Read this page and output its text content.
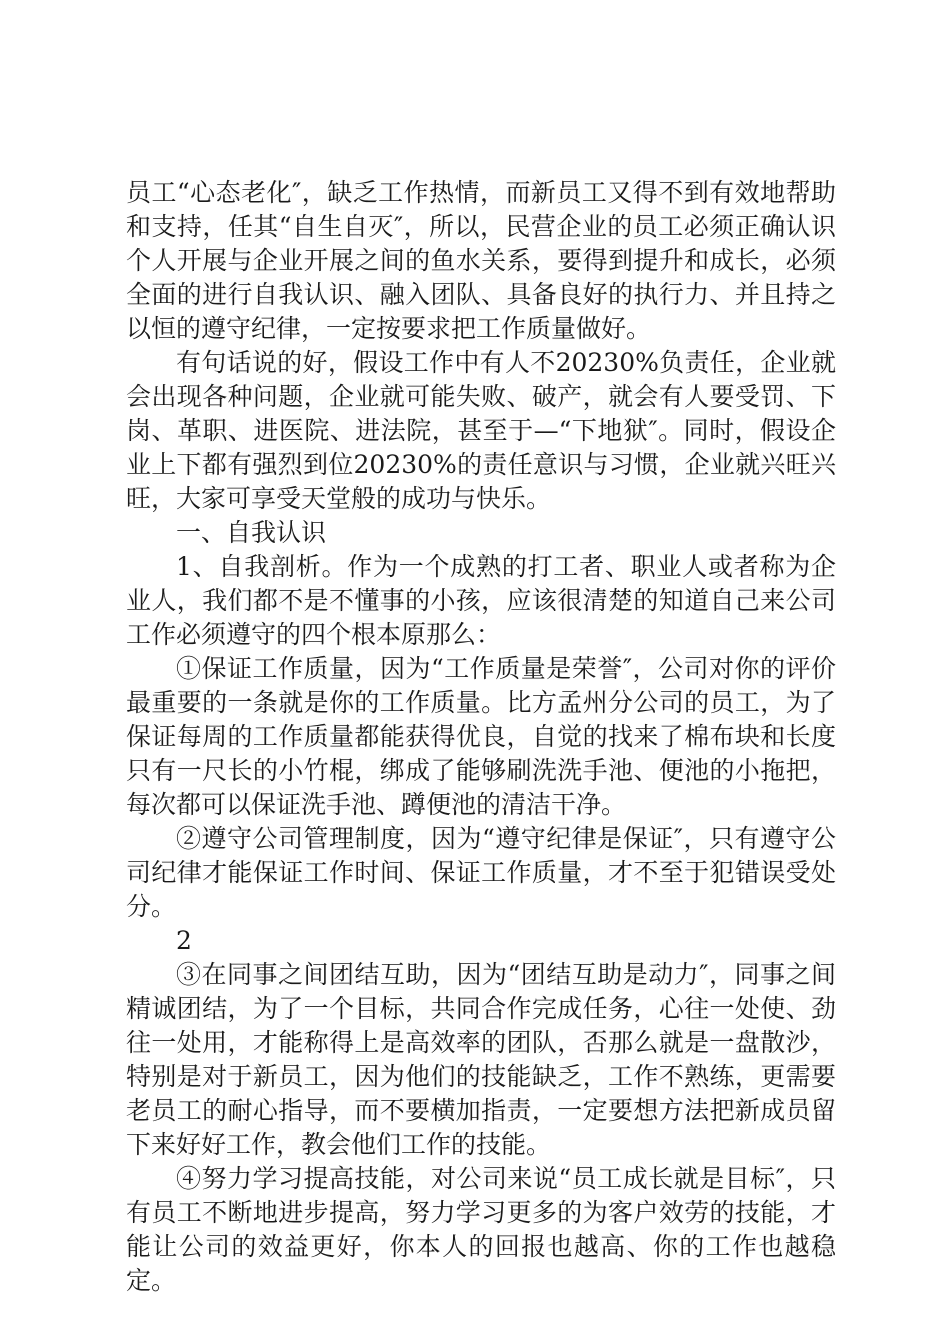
员工“心态老化″，缺乏工作热情，而新员工又得不到有效地帮助和支持，任其“自生自灭″，所以，民营企业的员工必须正确认识个人开展与企业开展之间的鱼水关系，要得到提升和成长，必须全面的进行自我认识、融入团队、具备良好的执行力、并且持之以恒的遵守纪律，一定按要求把工作质量做好。

有句话说的好，假设工作中有人不20230%负责任，企业就会出现各种问题，企业就可能失败、破产，就会有人要受罚、下岗、革职、进医院、进法院，甚至于—“下地狱″。同时，假设企业上下都有强烈到位20230%的责任意识与习惯，企业就兴旺兴旺，大家可享受天堂般的成功与快乐。

一、自我认识

1、自我剖析。作为一个成熟的打工者、职业人或者称为企业人，我们都不是不懂事的小孩，应该很清楚的知道自己来公司工作必须遵守的四个根本原那么：

①保证工作质量，因为“工作质量是荣誉″，公司对你的评价最重要的一条就是你的工作质量。比方孟州分公司的员工，为了保证每周的工作质量都能获得优良，自觉的找来了棉布块和长度只有一尺长的小竹棍，绑成了能够刷洗洗手池、便池的小拖把，每次都可以保证洗手池、蹲便池的清洁干净。

②遵守公司管理制度，因为“遵守纪律是保证″，只有遵守公司纪律才能保证工作时间、保证工作质量，才不至于犯错误受处分。

2

③在同事之间团结互助，因为“团结互助是动力″，同事之间精诚团结，为了一个目标，共同合作完成任务，心往一处使、劲往一处用，才能称得上是高效率的团队，否那么就是一盘散沙，特别是对于新员工，因为他们的技能缺乏，工作不熟练，更需要老员工的耐心指导，而不要横加指责，一定要想方法把新成员留下来好好工作，教会他们工作的技能。

④努力学习提高技能，对公司来说“员工成长就是目标″，只有员工不断地进步提高，努力学习更多的为客户效劳的技能，才能让公司的效益更好，你本人的回报也越高、你的工作也越稳定。
